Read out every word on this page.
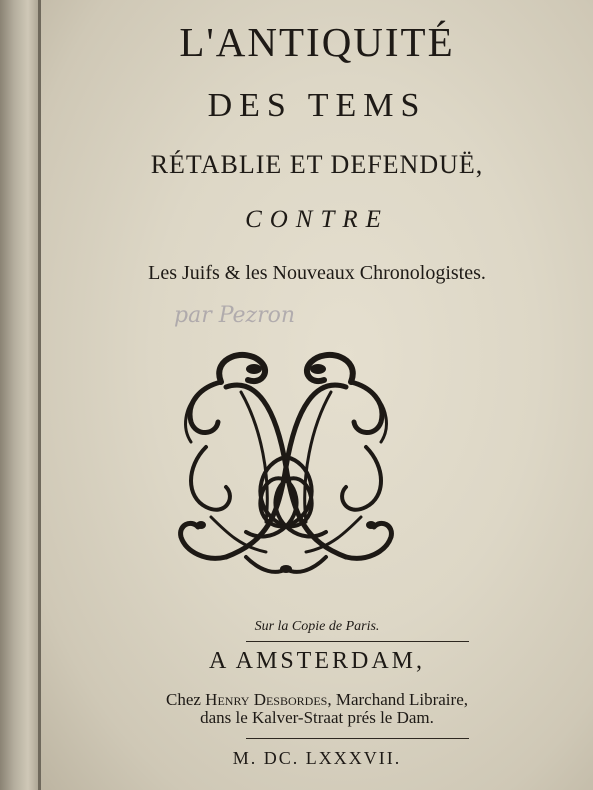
L'ANTIQUITÉ
DES TEMS
RÉTABLIE ET DEFENDUË,
CONTRE
Les Juifs & les Nouveaux Chronologistes.
par Pezron
Sur la Copie de Paris.
A AMSTERDAM,
Chez Henry Desbordes, Marchand Libraire,
dans le Kalver-Straat prés le Dam.
M. DC. LXXXVII.
